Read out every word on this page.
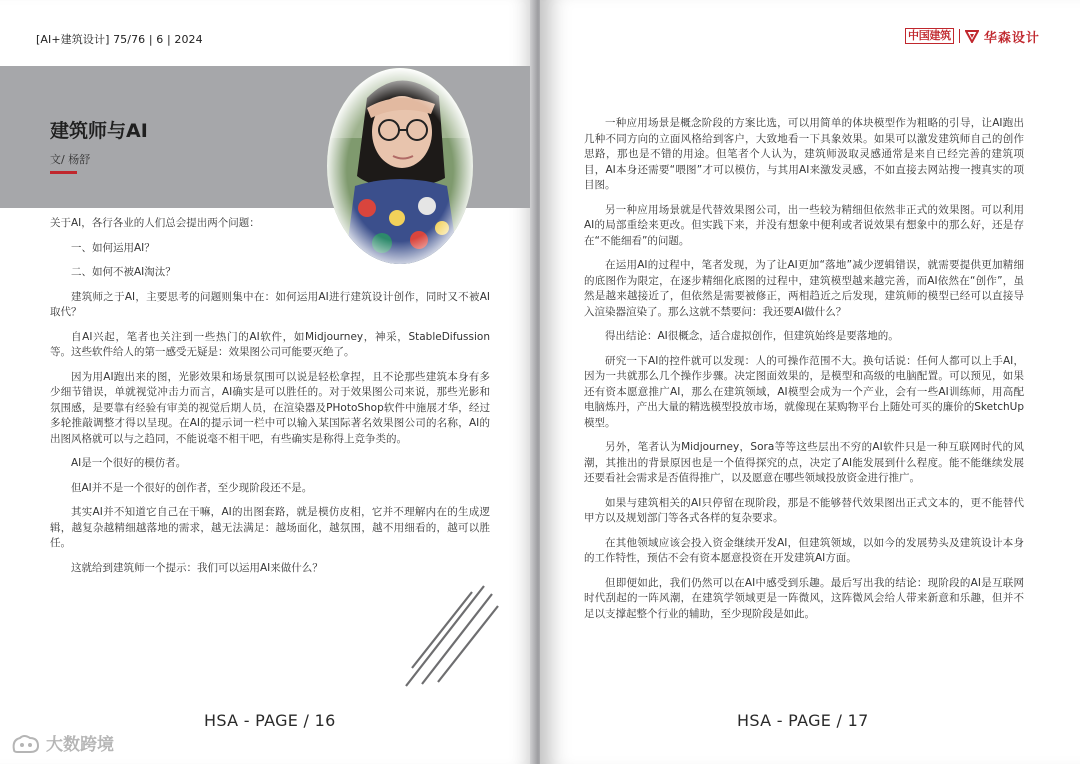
[AI+建筑设计] 75/76 | 6 | 2024
建筑师与AI
文/ 杨舒

关于AI，各行各业的人们总会提出两个问题：

一、如何运用AI？

二、如何不被AI淘汰？

建筑师之于AI，主要思考的问题则集中在：如何运用AI进行建筑设计创作，同时又不被AI取代？

自AI兴起，笔者也关注到一些热门的AI软件，如Midjourney，神采，StableDifussion等。这些软件给人的第一感受无疑是：效果图公司可能要灭绝了。

因为用AI跑出来的图，光影效果和场景氛围可以说是轻松拿捏，且不论那些建筑本身有多少细节错误，单就视觉冲击力而言，AI确实是可以胜任的。对于效果图公司来说，那些光影和氛围感，是要靠有经验有审美的视觉后期人员，在渲染器及PHotoShop软件中施展才华，经过多轮推敲调整才得以呈现。在AI的提示词一栏中可以输入某国际著名效果图公司的名称，AI的出图风格就可以与之趋同，不能说毫不相干吧，有些确实是称得上竞争类的。

AI是一个很好的模仿者。

但AI并不是一个很好的创作者，至少现阶段还不是。

其实AI并不知道它自己在干嘛，AI的出图套路，就是模仿皮相，它并不理解内在的生成逻辑，越复杂越精细越落地的需求，越无法满足：越场面化，越氛围，越不用细看的，越可以胜任。

这就给到建筑师一个提示：我们可以运用AI来做什么？

HSA - PAGE / 16

一种应用场景是概念阶段的方案比选，可以用简单的体块模型作为粗略的引导，让AI跑出几种不同方向的立面风格给到客户，大致地看一下具象效果。如果可以激发建筑师自己的创作思路，那也是不错的用途。但笔者个人认为，建筑师汲取灵感通常是来自已经完善的建筑项目，AI本身还需要“喂图”才可以模仿，与其用AI来激发灵感，不如直接去网站搜一搜真实的项目图。

另一种应用场景就是代替效果图公司，出一些较为精细但依然非正式的效果图。可以利用AI的局部重绘来更改。但实践下来，并没有想象中便利或者说效果有想象中的那么好，还是存在“不能细看”的问题。

在运用AI的过程中，笔者发现，为了让AI更加“落地”减少逻辑错误，就需要提供更加精细的底图作为限定，在逐步精细化底图的过程中，建筑模型越来越完善，而AI依然在“创作”，虽然是越来越接近了，但依然是需要被修正，两相趋近之后发现，建筑师的模型已经可以直接导入渲染器渲染了。那么这就不禁要问：我还要AI做什么？

得出结论：AI很概念，适合虚拟创作，但建筑始终是要落地的。

研究一下AI的控件就可以发现：人的可操作范围不大。换句话说：任何人都可以上手AI，因为一共就那么几个操作步骤。决定图面效果的，是模型和高级的电脑配置。可以预见，如果还有资本愿意推广AI，那么在建筑领域，AI模型会成为一个产业，会有一些AI训练师，用高配电脑炼丹，产出大量的精选模型投放市场，就像现在某购物平台上随处可买的廉价的SketchUp模型。

另外，笔者认为Midjourney，Sora等等这些层出不穷的AI软件只是一种互联网时代的风潮，其推出的背景原因也是一个值得探究的点，决定了AI能发展到什么程度。能不能继续发展还要看社会需求是否值得推广，以及愿意在哪些领域投放资金进行推广。

如果与建筑相关的AI只停留在现阶段，那是不能够替代效果图出正式文本的，更不能替代甲方以及规划部门等各式各样的复杂要求。

在其他领域应该会投入资金继续开发AI，但建筑领域，以如今的发展势头及建筑设计本身的工作特性，预估不会有资本愿意投资在开发建筑AI方面。

但即便如此，我们仍然可以在AI中感受到乐趣。最后写出我的结论：现阶段的AI是互联网时代刮起的一阵风潮，在建筑学领域更是一阵微风，这阵微风会给人带来新意和乐趣，但并不足以支撑起整个行业的辅助，至少现阶段是如此。

HSA - PAGE / 17
中国建筑	华森设计
大数跨境
